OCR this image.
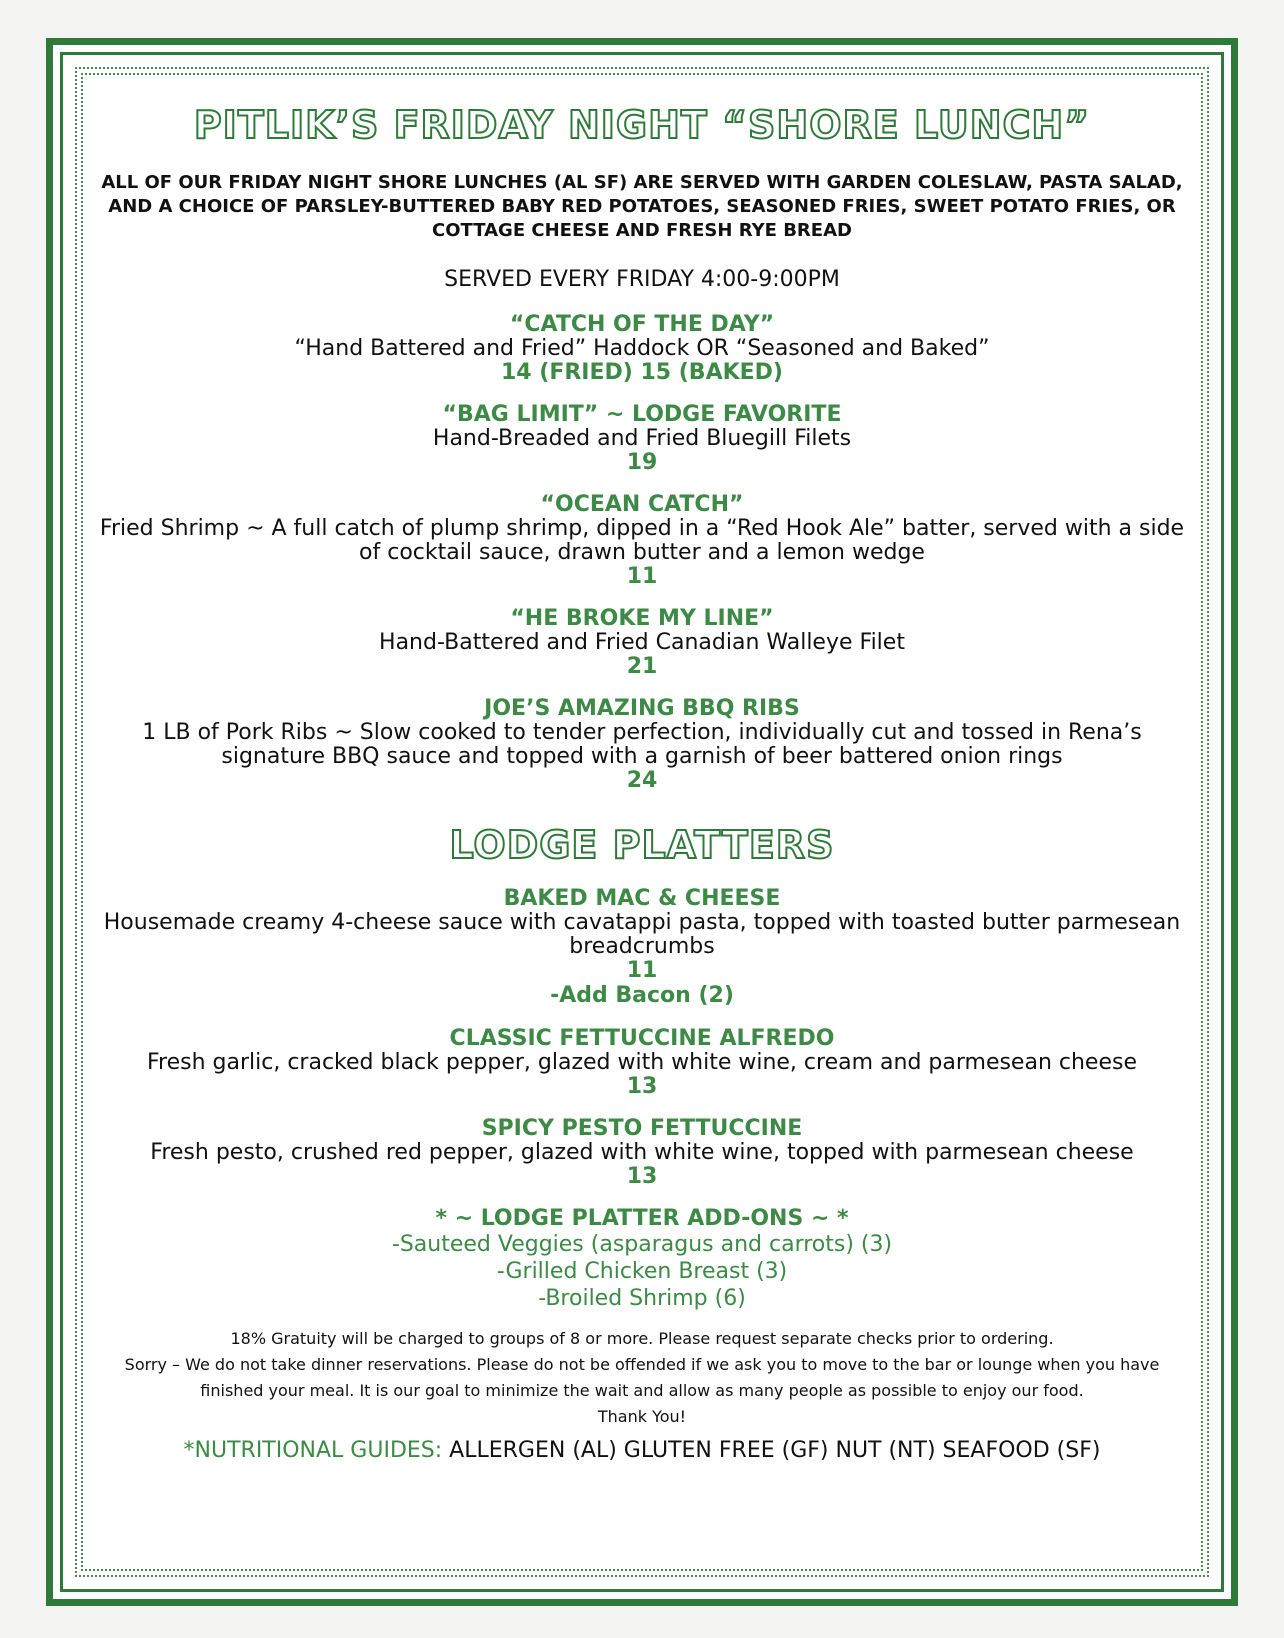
PITLIK’S FRIDAY NIGHT “SHORE LUNCH”
ALL OF OUR FRIDAY NIGHT SHORE LUNCHES (AL SF) ARE SERVED WITH GARDEN COLESLAW, PASTA SALAD, AND A CHOICE OF PARSLEY-BUTTERED BABY RED POTATOES, SEASONED FRIES, SWEET POTATO FRIES, OR COTTAGE CHEESE AND FRESH RYE BREAD
SERVED EVERY FRIDAY 4:00-9:00PM
“CATCH OF THE DAY”
“Hand Battered and Fried” Haddock OR “Seasoned and Baked”
14 (FRIED) 15 (BAKED)
“BAG LIMIT” ~ LODGE FAVORITE
Hand-Breaded and Fried Bluegill Filets
19
“OCEAN CATCH”
Fried Shrimp ~ A full catch of plump shrimp, dipped in a “Red Hook Ale” batter, served with a side of cocktail sauce, drawn butter and a lemon wedge
11
“HE BROKE MY LINE”
Hand-Battered and Fried Canadian Walleye Filet
21
JOE’S AMAZING BBQ RIBS
1 LB of Pork Ribs ~ Slow cooked to tender perfection, individually cut and tossed in Rena’s signature BBQ sauce and topped with a garnish of beer battered onion rings
24
LODGE PLATTERS
BAKED MAC & CHEESE
Housemade creamy 4-cheese sauce with cavatappi pasta, topped with toasted butter parmesean breadcrumbs
11
-Add Bacon (2)
CLASSIC FETTUCCINE ALFREDO
Fresh garlic, cracked black pepper, glazed with white wine, cream and parmesean cheese
13
SPICY PESTO FETTUCCINE
Fresh pesto, crushed red pepper, glazed with white wine, topped with parmesean cheese
13
* ~ LODGE PLATTER ADD-ONS ~ *
-Sauteed Veggies (asparagus and carrots) (3)
-Grilled Chicken Breast (3)
-Broiled Shrimp (6)
18% Gratuity will be charged to groups of 8 or more. Please request separate checks prior to ordering.
Sorry – We do not take dinner reservations. Please do not be offended if we ask you to move to the bar or lounge when you have finished your meal. It is our goal to minimize the wait and allow as many people as possible to enjoy our food.
Thank You!
*NUTRITIONAL GUIDES: ALLERGEN (AL) GLUTEN FREE (GF) NUT (NT) SEAFOOD (SF)
